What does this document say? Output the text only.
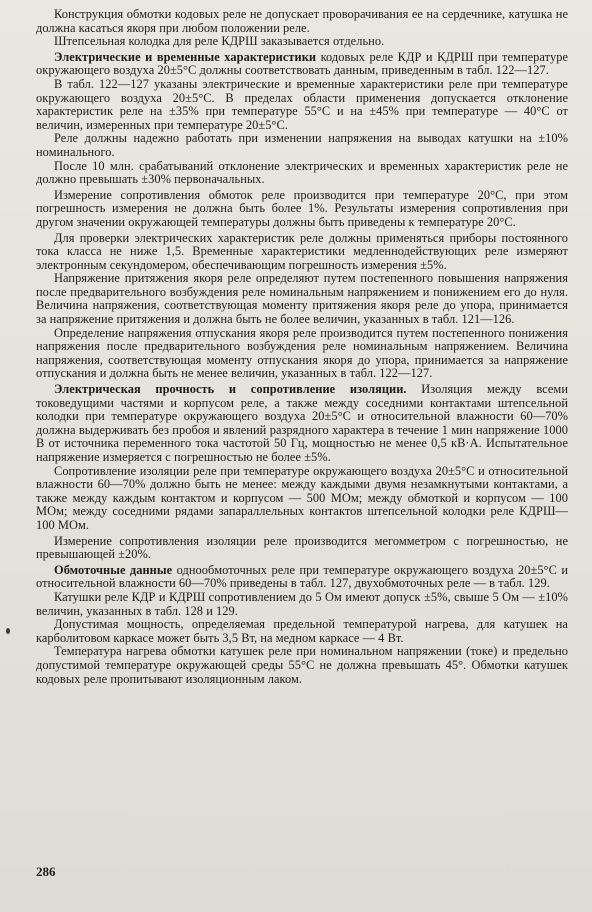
Конструкция обмотки кодовых реле не допускает проворачивания ее на сердечнике, катушка не должна касаться якоря при любом положении реле.

Штепсельная колодка для реле КДРШ заказывается отдельно.

Электрические и временные характеристики кодовых реле КДР и КДРШ при температуре окружающего воздуха 20±5°С должны соответствовать данным, приведенным в табл. 122—127.

В табл. 122—127 указаны электрические и временные характеристики реле при температуре окружающего воздуха 20±5°С. В пределах области применения допускается отклонение характеристик реле на ±35% при температуре 55°С и на ±45% при температуре — 40°С от величин, измеренных при температуре 20±5°С.

Реле должны надежно работать при изменении напряжения на выводах катушки на ±10% номинального.

После 10 млн. срабатываний отклонение электрических и временных характеристик реле не должно превышать ±30% первоначальных.

Измерение сопротивления обмоток реле производится при температуре 20°С, при этом погрешность измерения не должна быть более 1%. Результаты измерения сопротивления при другом значении окружающей температуры должны быть приведены к температуре 20°С.

Для проверки электрических характеристик реле должны применяться приборы постоянного тока класса не ниже 1,5. Временные характеристики медленнодействующих реле измеряют электронным секундомером, обеспечивающим погрешность измерения ±5%.

Напряжение притяжения якоря реле определяют путем постепенного повышения напряжения после предварительного возбуждения реле номинальным напряжением и понижением его до нуля. Величина напряжения, соответствующая моменту притяжения якоря реле до упора, принимается за напряжение притяжения и должна быть не более величин, указанных в табл. 121—126.

Определение напряжения отпускания якоря реле производится путем постепенного понижения напряжения после предварительного возбуждения реле номинальным напряжением. Величина напряжения, соответствующая моменту отпускания якоря до упора, принимается за напряжение отпускания и должна быть не менее величин, указанных в табл. 122—127.

Электрическая прочность и сопротивление изоляции. Изоляция между всеми токоведущими частями и корпусом реле, а также между соседними контактами штепсельной колодки при температуре окружающего воздуха 20±5°С и относительной влажности 60—70% должна выдерживать без пробоя и явлений разрядного характера в течение 1 мин напряжение 1000 В от источника переменного тока частотой 50 Гц, мощностью не менее 0,5 кВ·А. Испытательное напряжение измеряется с погрешностью не более ±5%.

Сопротивление изоляции реле при температуре окружающего воздуха 20±5°С и относительной влажности 60—70% должно быть не менее: между каждыми двумя незамкнутыми контактами, а также между каждым контактом и корпусом — 500 МОм; между обмоткой и корпусом — 100 МОм; между соседними рядами запараллельных контактов штепсельной колодки реле КДРШ— 100 МОм.

Измерение сопротивления изоляции реле производится мегомметром с погрешностью, не превышающей ±20%.

Обмоточные данные однообмоточных реле при температуре окружающего воздуха 20±5°С и относительной влажности 60—70% приведены в табл. 127, двухобмоточных реле — в табл. 129.

Катушки реле КДР и КДРШ сопротивлением до 5 Ом имеют допуск ±5%, свыше 5 Ом — ±10% величин, указанных в табл. 128 и 129.

Допустимая мощность, определяемая предельной температурой нагрева, для катушек на карболитовом каркасе может быть 3,5 Вт, на медном каркасе — 4 Вт.

Температура нагрева обмотки катушек реле при номинальном напряжении (токе) и предельно допустимой температуре окружающей среды 55°С не должна превышать 45°. Обмотки катушек кодовых реле пропитывают изоляционным лаком.

286
